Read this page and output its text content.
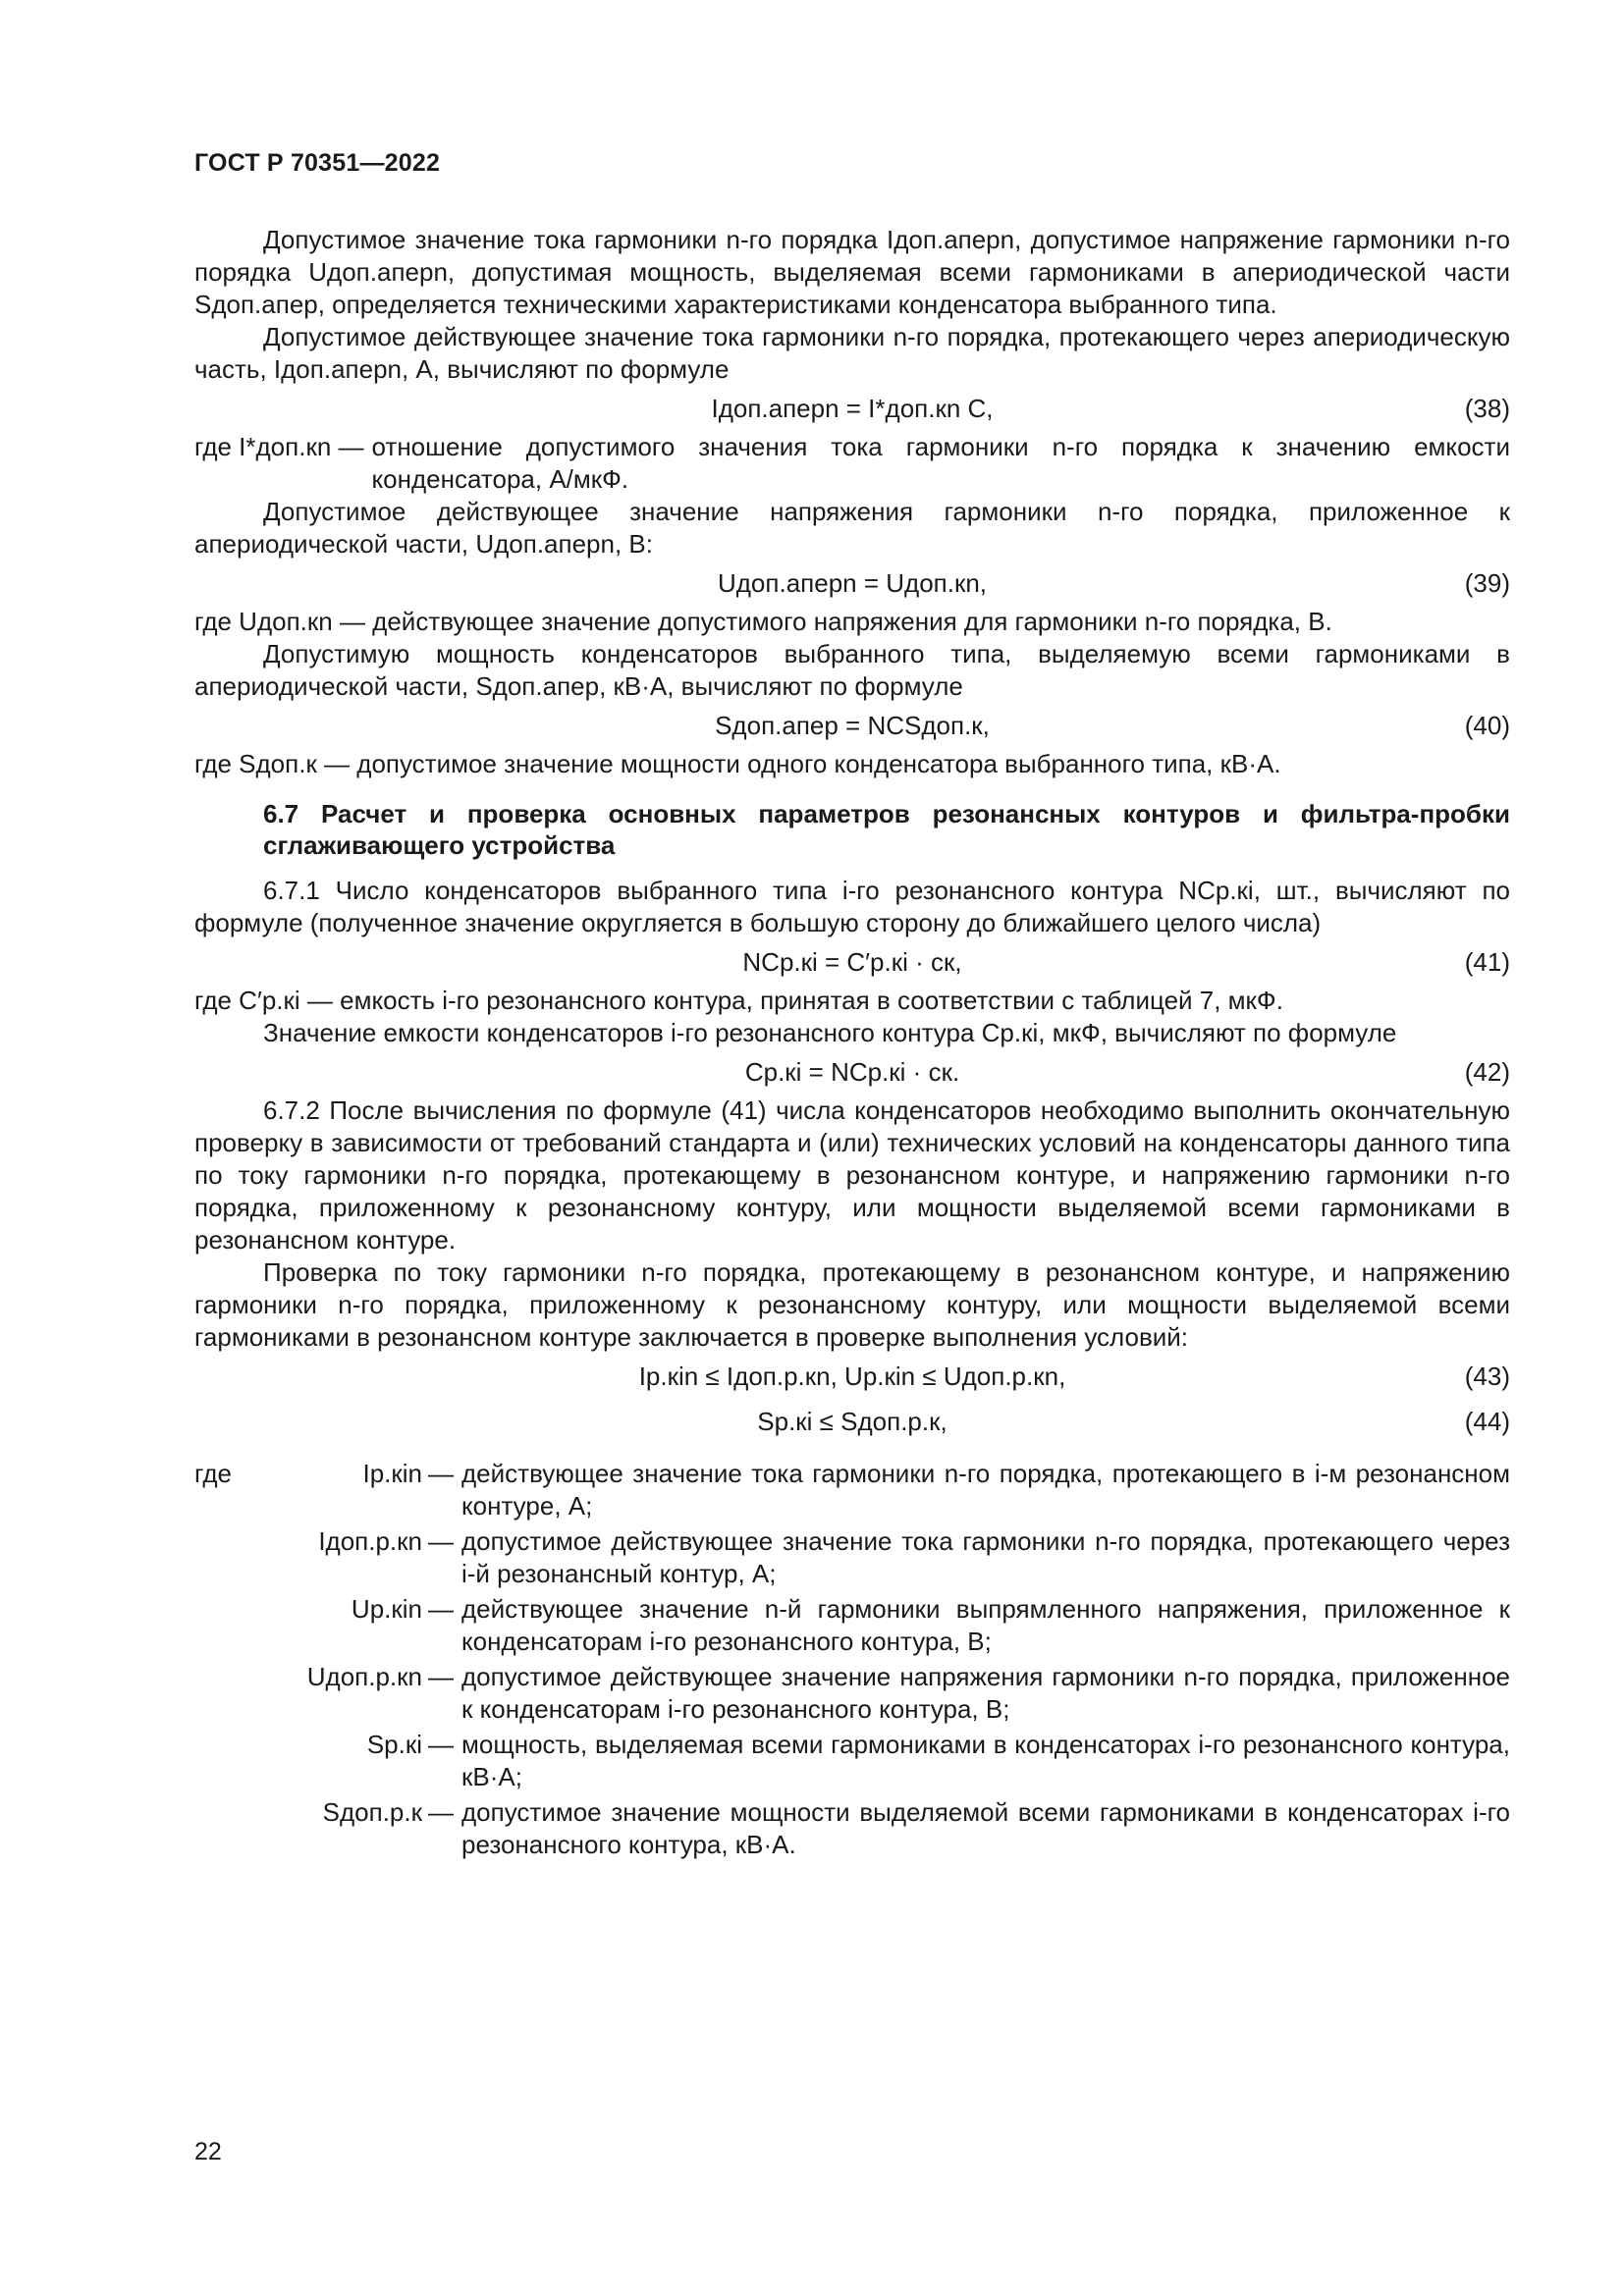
ГОСТ Р 70351—2022

Допустимое значение тока гармоники n-го порядка Iдоп.апepn, допустимое напряжение гармоники n-го порядка Uдоп.апepn, допустимая мощность, выделяемая всеми гармониками в апериодической части Sдоп.апер, определяется техническими характеристиками конденсатора выбранного типа.

Допустимое действующее значение тока гармоники n-го порядка, протекающего через апериодическую часть, Iдоп.апepn, А, вычисляют по формуле

Iдоп.апepn = I*доп.кn C,	(38)
где I*доп.кn — отношение допустимого значения тока гармоники n-го порядка к значению емкости конденсатора, А/мкФ.

Допустимое действующее значение напряжения гармоники n-го порядка, приложенное к апериодической части, Uдоп.апepn, В:

Uдоп.апepn = Uдоп.кn,	(39)

где Uдоп.кn — действующее значение допустимого напряжения для гармоники n-го порядка, В.

Допустимую мощность конденсаторов выбранного типа, выделяемую всеми гармониками в апериодической части, Sдоп.апер, кВ·А, вычисляют по формуле

Sдоп.апер = NCSдоп.к,	(40)

где Sдоп.к — допустимое значение мощности одного конденсатора выбранного типа, кВ·А.

6.7 Расчет и проверка основных параметров резонансных контуров и фильтра-пробки сглаживающего устройства

6.7.1 Число конденсаторов выбранного типа i-го резонансного контура NCр.кi, шт., вычисляют по формуле (полученное значение округляется в большую сторону до ближайшего целого числа)

NCр.кi = C′р.кi · cк,	(41)

где C′р.кi — емкость i-го резонансного контура, принятая в соответствии с таблицей 7, мкФ.

Значение емкости конденсаторов i-го резонансного контура Cр.кi, мкФ, вычисляют по формуле

Cр.кi = NCр.кi · cк.	(42)

6.7.2 После вычисления по формуле (41) числа конденсаторов необходимо выполнить окончательную проверку в зависимости от требований стандарта и (или) технических условий на конденсаторы данного типа по току гармоники n-го порядка, протекающему в резонансном контуре, и напряжению гармоники n-го порядка, приложенному к резонансному контуру, или мощности выделяемой всеми гармониками в резонансном контуре.

Проверка по току гармоники n-го порядка, протекающему в резонансном контуре, и напряжению гармоники n-го порядка, приложенному к резонансному контуру, или мощности выделяемой всеми гармониками в резонансном контуре заключается в проверке выполнения условий:

Iр.кin ≤ Iдоп.р.кn, Uр.кin ≤ Uдоп.р.кn,	(43)
Sр.кi ≤ Sдоп.р.к,	(44)
где	Iр.кin — действующее значение тока гармоники n-го порядка, протекающего в i-м резонансном контуре, А;
Iдоп.р.кn — допустимое действующее значение тока гармоники n-го порядка, протекающего через i-й резонансный контур, А;
Uр.кin — действующее значение n-й гармоники выпрямленного напряжения, приложенное к конденсаторам i-го резонансного контура, В;
Uдоп.р.кn — допустимое действующее значение напряжения гармоники n-го порядка, приложенное к конденсаторам i-го резонансного контура, В;
Sр.кi — мощность, выделяемая всеми гармониками в конденсаторах i-го резонансного контура, кВ·А;
Sдоп.р.к — допустимое значение мощности выделяемой всеми гармониками в конденсаторах i-го резонансного контура, кВ·А.
22
